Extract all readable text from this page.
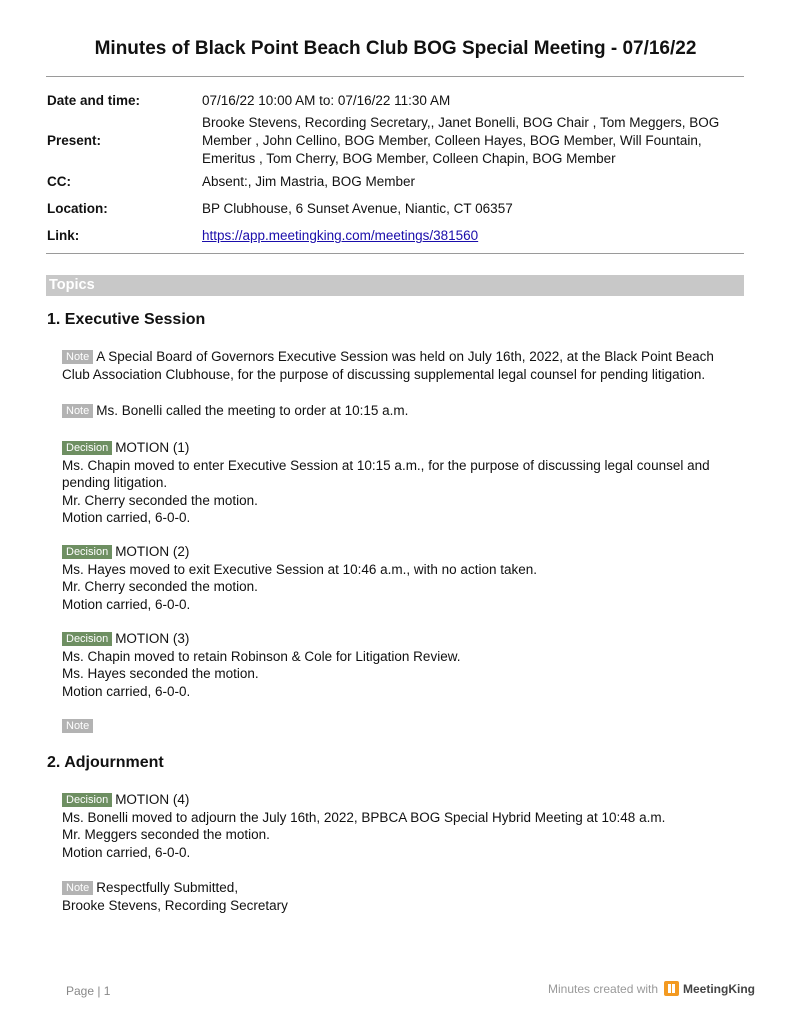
Minutes of Black Point Beach Club BOG Special Meeting - 07/16/22
Date and time:	07/16/22 10:00 AM to: 07/16/22 11:30 AM
Present:
Brooke Stevens, Recording Secretary,, Janet Bonelli, BOG Chair , Tom Meggers, BOG Member , John Cellino, BOG Member, Colleen Hayes, BOG Member, Will Fountain, Emeritus , Tom Cherry, BOG Member, Colleen Chapin, BOG Member
CC:	Absent:, Jim Mastria, BOG Member
Location:	BP Clubhouse, 6 Sunset Avenue, Niantic, CT 06357
Link:	https://app.meetingking.com/meetings/381560
Topics
1. Executive Session
Note A Special Board of Governors Executive Session was held on July 16th, 2022, at the Black Point Beach Club Association Clubhouse, for the purpose of discussing supplemental legal counsel for pending litigation.
Note Ms. Bonelli called the meeting to order at 10:15 a.m.
Decision MOTION (1)
Ms. Chapin moved to enter Executive Session at 10:15 a.m., for the purpose of discussing legal counsel and pending litigation.
Mr. Cherry seconded the motion.
Motion carried, 6-0-0.
Decision MOTION (2)
Ms. Hayes moved to exit Executive Session at 10:46 a.m., with no action taken.
Mr. Cherry seconded the motion.
Motion carried, 6-0-0.
Decision MOTION (3)
Ms. Chapin moved to retain Robinson & Cole for Litigation Review.
Ms. Hayes seconded the motion.
Motion carried, 6-0-0.
Note
2. Adjournment
Decision MOTION (4)
Ms. Bonelli moved to adjourn the July 16th, 2022, BPBCA BOG Special Hybrid Meeting at 10:48 a.m.
Mr. Meggers seconded the motion.
Motion carried, 6-0-0.
Note Respectfully Submitted,
Brooke Stevens, Recording Secretary
Page | 1	Minutes created with MeetingKing
